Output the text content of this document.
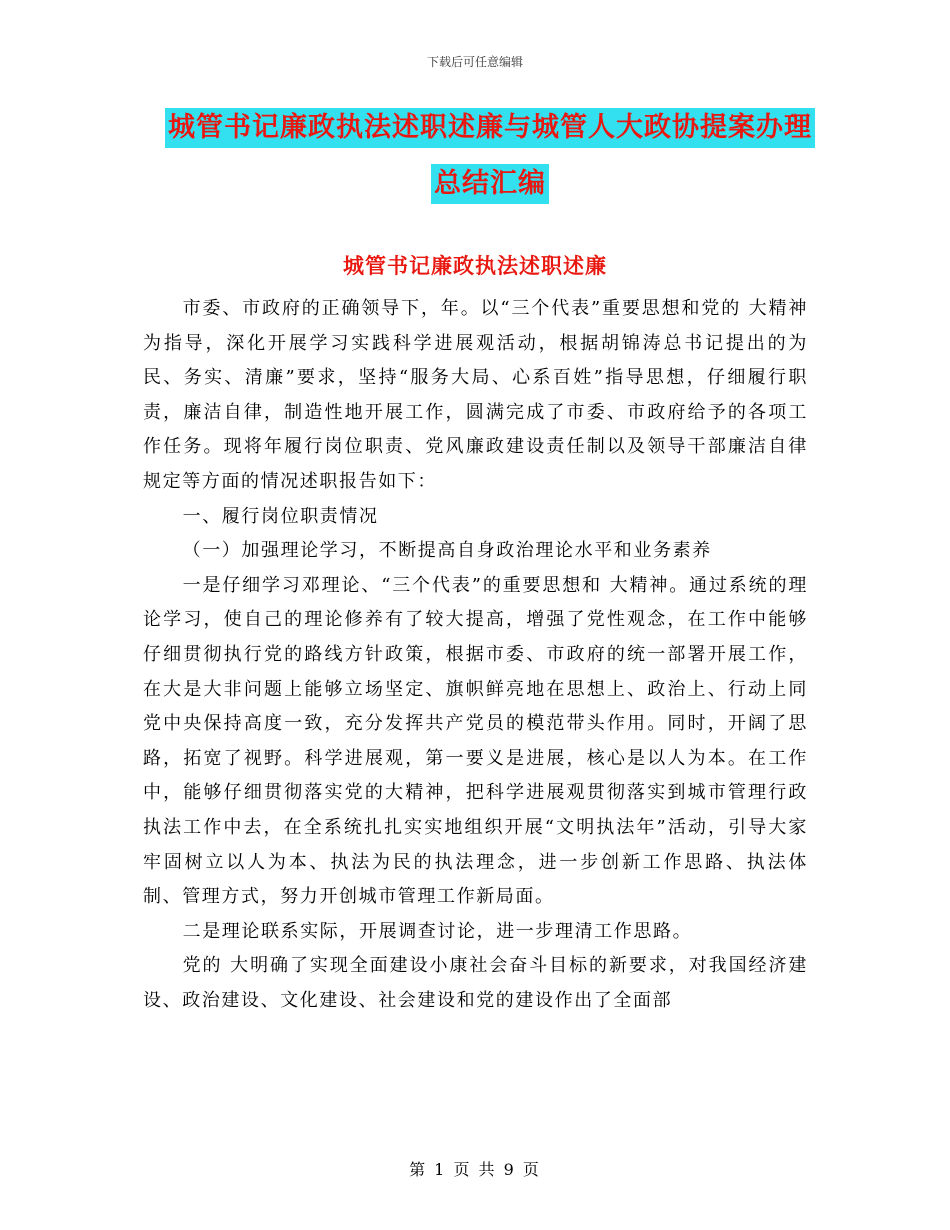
下载后可任意编辑
城管书记廉政执法述职述廉与城管人大政协提案办理
总结汇编
城管书记廉政执法述职述廉

市委、市政府的正确领导下，年。以“三个代表”重要思想和党的 大精神为指导，深化开展学习实践科学进展观活动，根据胡锦涛总书记提出的为民、务实、清廉”要求，坚持“服务大局、心系百姓”指导思想，仔细履行职责，廉洁自律，制造性地开展工作，圆满完成了市委、市政府给予的各项工作任务。现将年履行岗位职责、党风廉政建设责任制以及领导干部廉洁自律规定等方面的情况述职报告如下：

一、履行岗位职责情况

（一）加强理论学习，不断提高自身政治理论水平和业务素养

一是仔细学习邓理论、“三个代表”的重要思想和 大精神。通过系统的理论学习，使自己的理论修养有了较大提高，增强了党性观念，在工作中能够仔细贯彻执行党的路线方针政策，根据市委、市政府的统一部署开展工作，在大是大非问题上能够立场坚定、旗帜鲜亮地在思想上、政治上、行动上同党中央保持高度一致，充分发挥共产党员的模范带头作用。同时，开阔了思路，拓宽了视野。科学进展观，第一要义是进展，核心是以人为本。在工作中，能够仔细贯彻落实党的大精神，把科学进展观贯彻落实到城市管理行政执法工作中去，在全系统扎扎实实地组织开展“文明执法年”活动，引导大家牢固树立以人为本、执法为民的执法理念，进一步创新工作思路、执法体制、管理方式，努力开创城市管理工作新局面。

二是理论联系实际，开展调查讨论，进一步理清工作思路。

党的 大明确了实现全面建设小康社会奋斗目标的新要求，对我国经济建设、政治建设、文化建设、社会建设和党的建设作出了全面部

第 1 页 共 9 页
